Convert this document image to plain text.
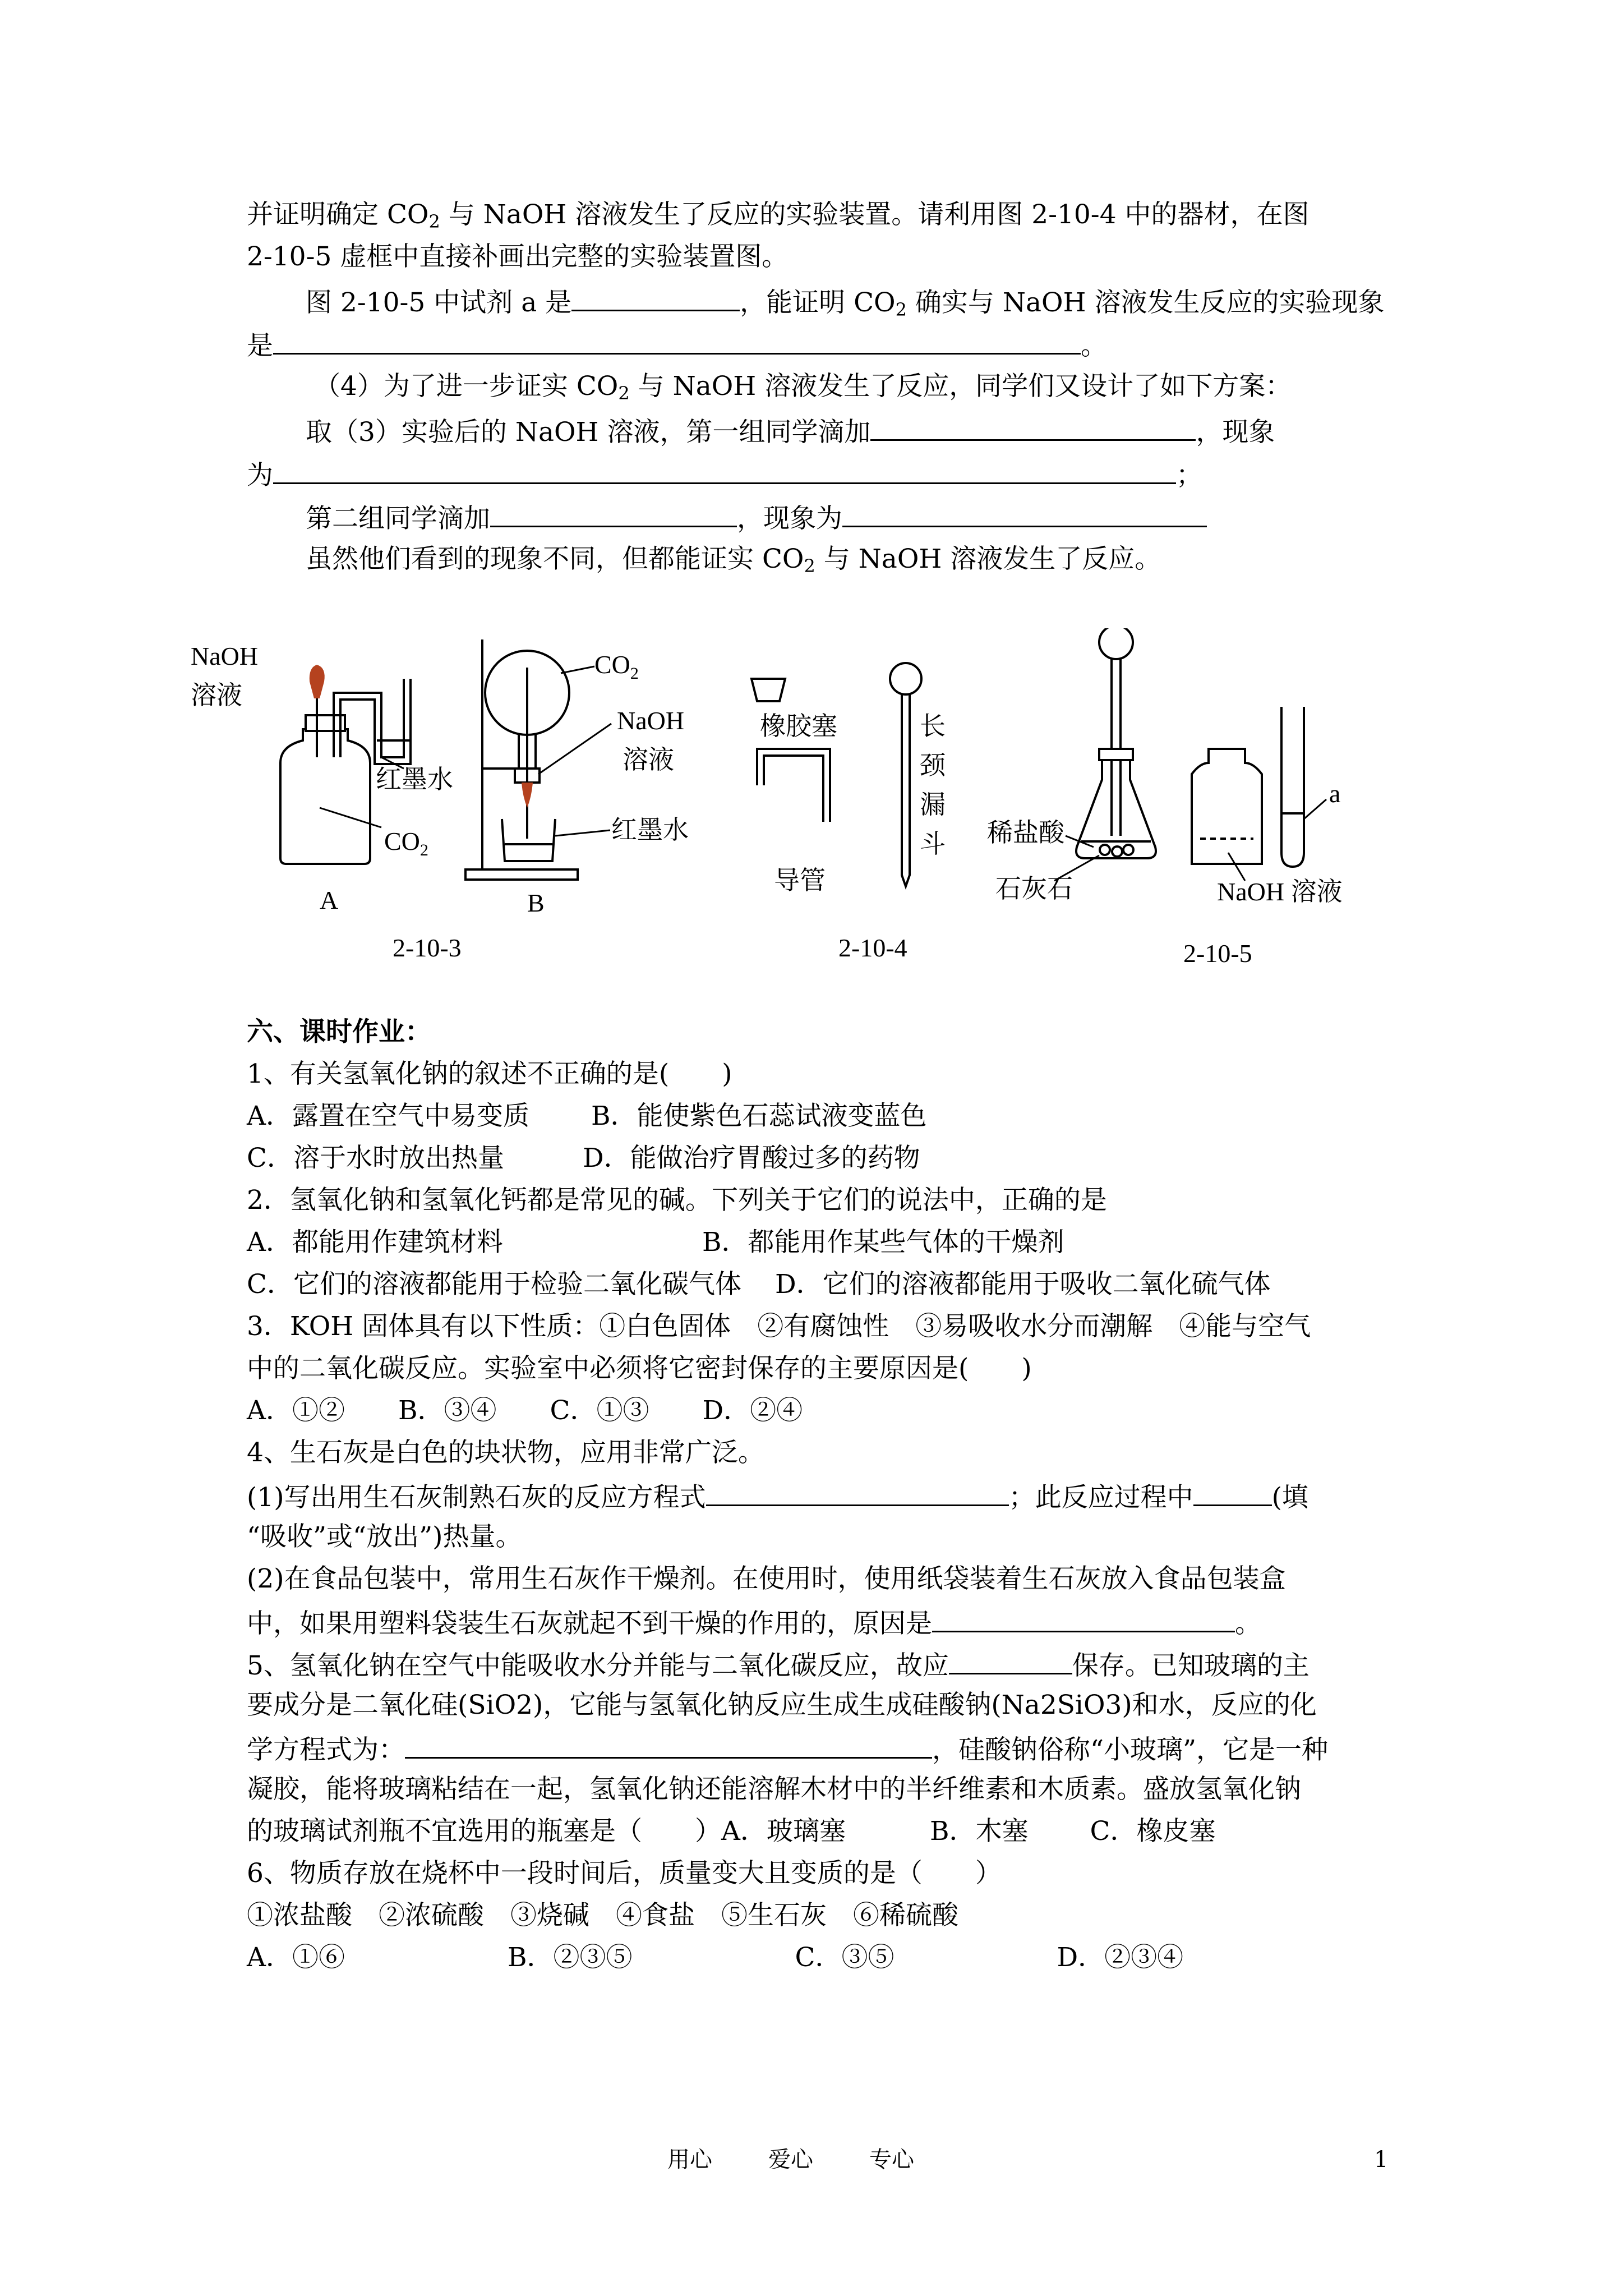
并证明确定 $CO_2$ 与 NaOH 溶液发生了反应的实验装置。请利用图 2-10-4 中的器材，在图
2-10-5 虚框中直接补画出完整的实验装置图。
图 2-10-5 中试剂 a 是	，能证明 $CO_2$ 确实与 NaOH 溶液发生反应的实验现象
是	。
（4）为了进一步证实 $CO_2$ 与 NaOH 溶液发生了反应，同学们又设计了如下方案：
取（3）实验后的 NaOH 溶液，第一组同学滴加	，现象
为	；
第二组同学滴加	，现象为
虽然他们看到的现象不同，但都能证实 $CO_2$ 与 NaOH 溶液发生了反应。
NaOH
溶液
红墨水
$CO_2$
A
$CO_2$
NaOH
溶液
红墨水
B
2-10-3
橡胶塞
导管
长
颈
漏
斗
2-10-4
稀盐酸
石灰石
a
NaOH 溶液
2-10-5
六、课时作业：
1、有关氢氧化钠的叙述不正确的是(　　)
A．露置在空气中易变质 B．能使紫色石蕊试液变蓝色
C．溶于水时放出热量	D．能做治疗胃酸过多的药物
2．氢氧化钠和氢氧化钙都是常见的碱。下列关于它们的说法中，正确的是
A．都能用作建筑材料	B．都能用作某些气体的干燥剂
C．它们的溶液都能用于检验二氧化碳气体 D．它们的溶液都能用于吸收二氧化硫气体
3．KOH 固体具有以下性质：①白色固体　②有腐蚀性　③易吸收水分而潮解　④能与空气
中的二氧化碳反应。实验室中必须将它密封保存的主要原因是(　　)
A．①② B．③④ C．①③ D．②④
4、生石灰是白色的块状物，应用非常广泛。
(1)写出用生石灰制熟石灰的反应方程式	；此反应过程中	(填
“吸收”或“放出”)热量。
(2)在食品包装中，常用生石灰作干燥剂。在使用时，使用纸袋装着生石灰放入食品包装盒
中，如果用塑料袋装生石灰就起不到干燥的作用的，原因是	。
5、氢氧化钠在空气中能吸收水分并能与二氧化碳反应，故应	保存。已知玻璃的主
要成分是二氧化硅(SiO2)，它能与氢氧化钠反应生成生成硅酸钠(Na2SiO3)和水，反应的化
学方程式为：	，硅酸钠俗称“小玻璃”，它是一种
凝胶，能将玻璃粘结在一起，氢氧化钠还能溶解木材中的半纤维素和木质素。盛放氢氧化钠
的玻璃试剂瓶不宜选用的瓶塞是（　　）A．玻璃塞	B．木塞 C．橡皮塞
6、物质存放在烧杯中一段时间后，质量变大且变质的是（　　）
①浓盐酸　②浓硫酸　③烧碱　④食盐　⑤生石灰　⑥稀硫酸
A．①⑥	B．②③⑤	C．③⑤	D．②③④
用心	爱心	专心	1
